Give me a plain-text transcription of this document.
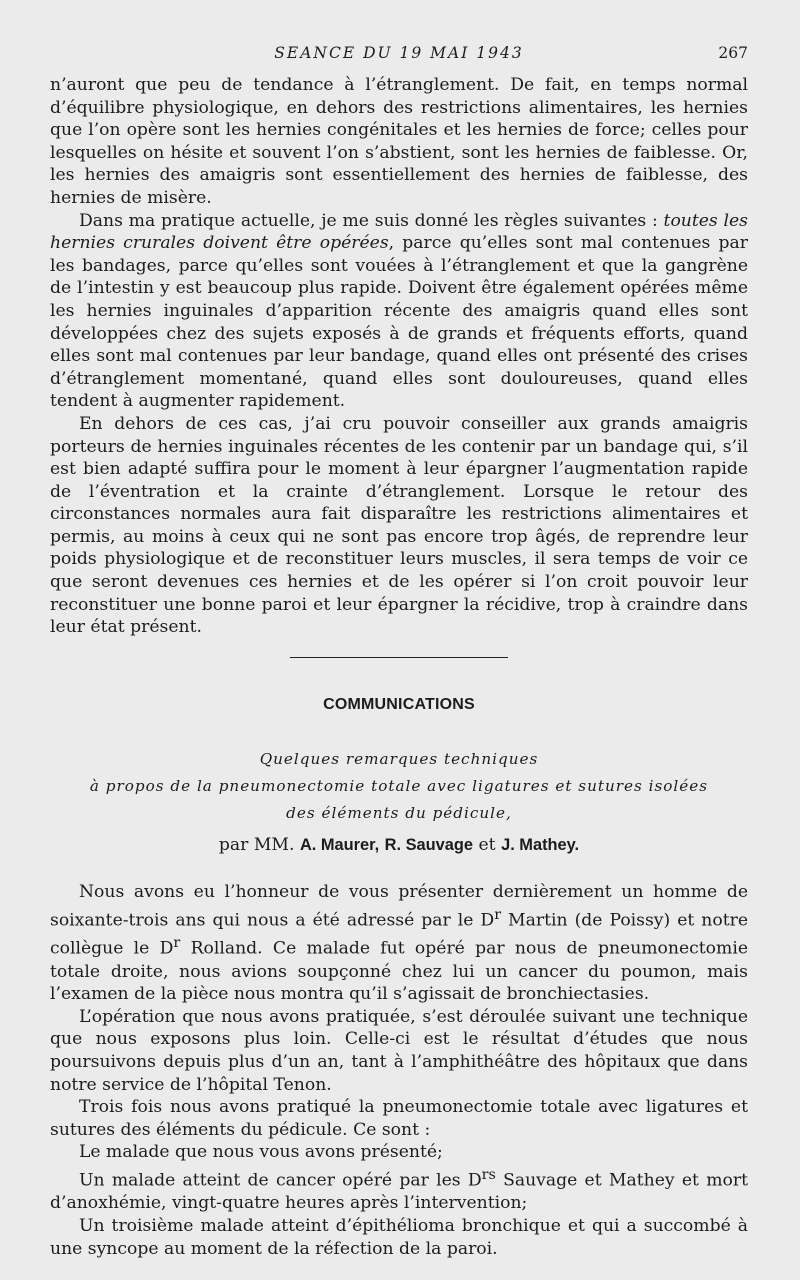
SEANCE DU 19 MAI 1943	267

n’auront que peu de tendance à l’étranglement. De fait, en temps normal d’équilibre physiologique, en dehors des restrictions alimentaires, les hernies que l’on opère sont les hernies congénitales et les hernies de force; celles pour lesquelles on hésite et souvent l’on s’abstient, sont les hernies de faiblesse. Or, les hernies des amaigris sont essentiellement des hernies de faiblesse, des hernies de misère.

Dans ma pratique actuelle, je me suis donné les règles suivantes : toutes les hernies crurales doivent être opérées, parce qu’elles sont mal contenues par les bandages, parce qu’elles sont vouées à l’étranglement et que la gangrène de l’intestin y est beaucoup plus rapide. Doivent être également opérées même les hernies inguinales d’apparition récente des amaigris quand elles sont développées chez des sujets exposés à de grands et fréquents efforts, quand elles sont mal contenues par leur bandage, quand elles ont présenté des crises d’étranglement momentané, quand elles sont douloureuses, quand elles tendent à augmenter rapidement.

En dehors de ces cas, j’ai cru pouvoir conseiller aux grands amaigris porteurs de hernies inguinales récentes de les contenir par un bandage qui, s’il est bien adapté suffira pour le moment à leur épargner l’augmentation rapide de l’éventration et la crainte d’étranglement. Lorsque le retour des circonstances normales aura fait disparaître les restrictions alimentaires et permis, au moins à ceux qui ne sont pas encore trop âgés, de reprendre leur poids physiologique et de reconstituer leurs muscles, il sera temps de voir ce que seront devenues ces hernies et de les opérer si l’on croit pouvoir leur reconstituer une bonne paroi et leur épargner la récidive, trop à craindre dans leur état présent.

COMMUNICATIONS
Quelques remarques techniques
à propos de la pneumonectomie totale avec ligatures et sutures isolées
des éléments du pédicule,
par MM. A. Maurer, R. Sauvage et J. Mathey.

Nous avons eu l’honneur de vous présenter dernièrement un homme de soixante-trois ans qui nous a été adressé par le $D^r$ Martin (de Poissy) et notre collègue le $D^r$ Rolland. Ce malade fut opéré par nous de pneumonectomie totale droite, nous avions soupçonné chez lui un cancer du poumon, mais l’examen de la pièce nous montra qu’il s’agissait de bronchiectasies.

L’opération que nous avons pratiquée, s’est déroulée suivant une technique que nous exposons plus loin. Celle-ci est le résultat d’études que nous poursuivons depuis plus d’un an, tant à l’amphithéâtre des hôpitaux que dans notre service de l’hôpital Tenon.

Trois fois nous avons pratiqué la pneumonectomie totale avec ligatures et sutures des éléments du pédicule. Ce sont :

Le malade que nous vous avons présenté;

Un malade atteint de cancer opéré par les $D^{rs}$ Sauvage et Mathey et mort d’anoxhémie, vingt-quatre heures après l’intervention;

Un troisième malade atteint d’épithélioma bronchique et qui a succombé à une syncope au moment de la réfection de la paroi.
